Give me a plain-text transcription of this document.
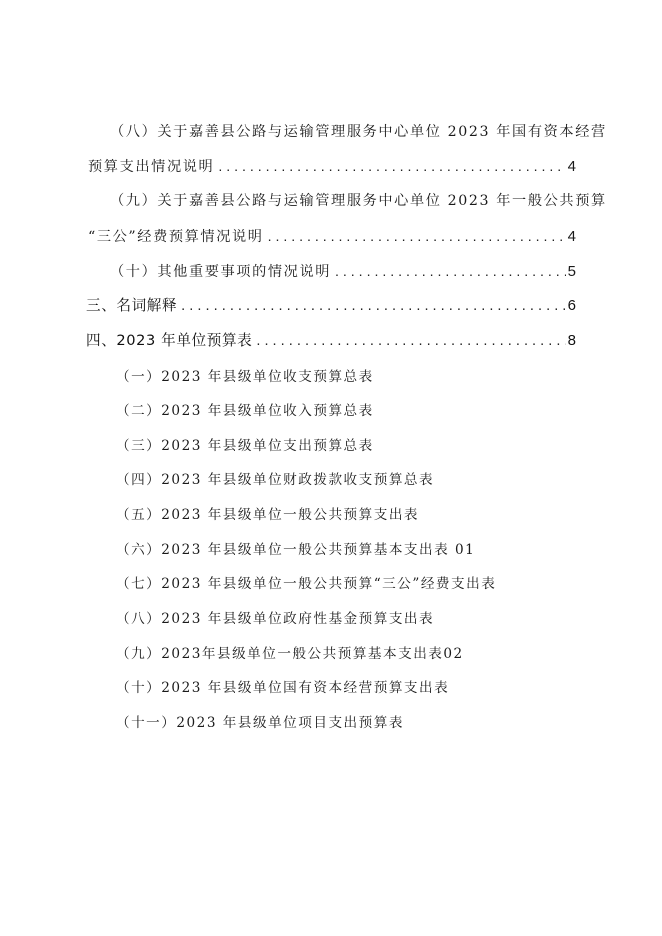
（八）关于嘉善县公路与运输管理服务中心单位 2023 年国有资本经营
预算支出情况说明 . . .	4
（九）关于嘉善县公路与运输管理服务中心单位 2023 年一般公共预算
“三公”经费预算情况说明 . . .	4
（十）其他重要事项的情况说明 . . .	5
三、名词解释 . . .	6
四、2023 年单位预算表 . . .	8
（一）2023 年县级单位收支预算总表
（二）2023 年县级单位收入预算总表
（三）2023 年县级单位支出预算总表
（四）2023 年县级单位财政拨款收支预算总表
（五）2023 年县级单位一般公共预算支出表
（六）2023 年县级单位一般公共预算基本支出表 01
（七）2023 年县级单位一般公共预算“三公”经费支出表
（八）2023 年县级单位政府性基金预算支出表
（九）2023年县级单位一般公共预算基本支出表02
（十）2023 年县级单位国有资本经营预算支出表
（十一）2023 年县级单位项目支出预算表
